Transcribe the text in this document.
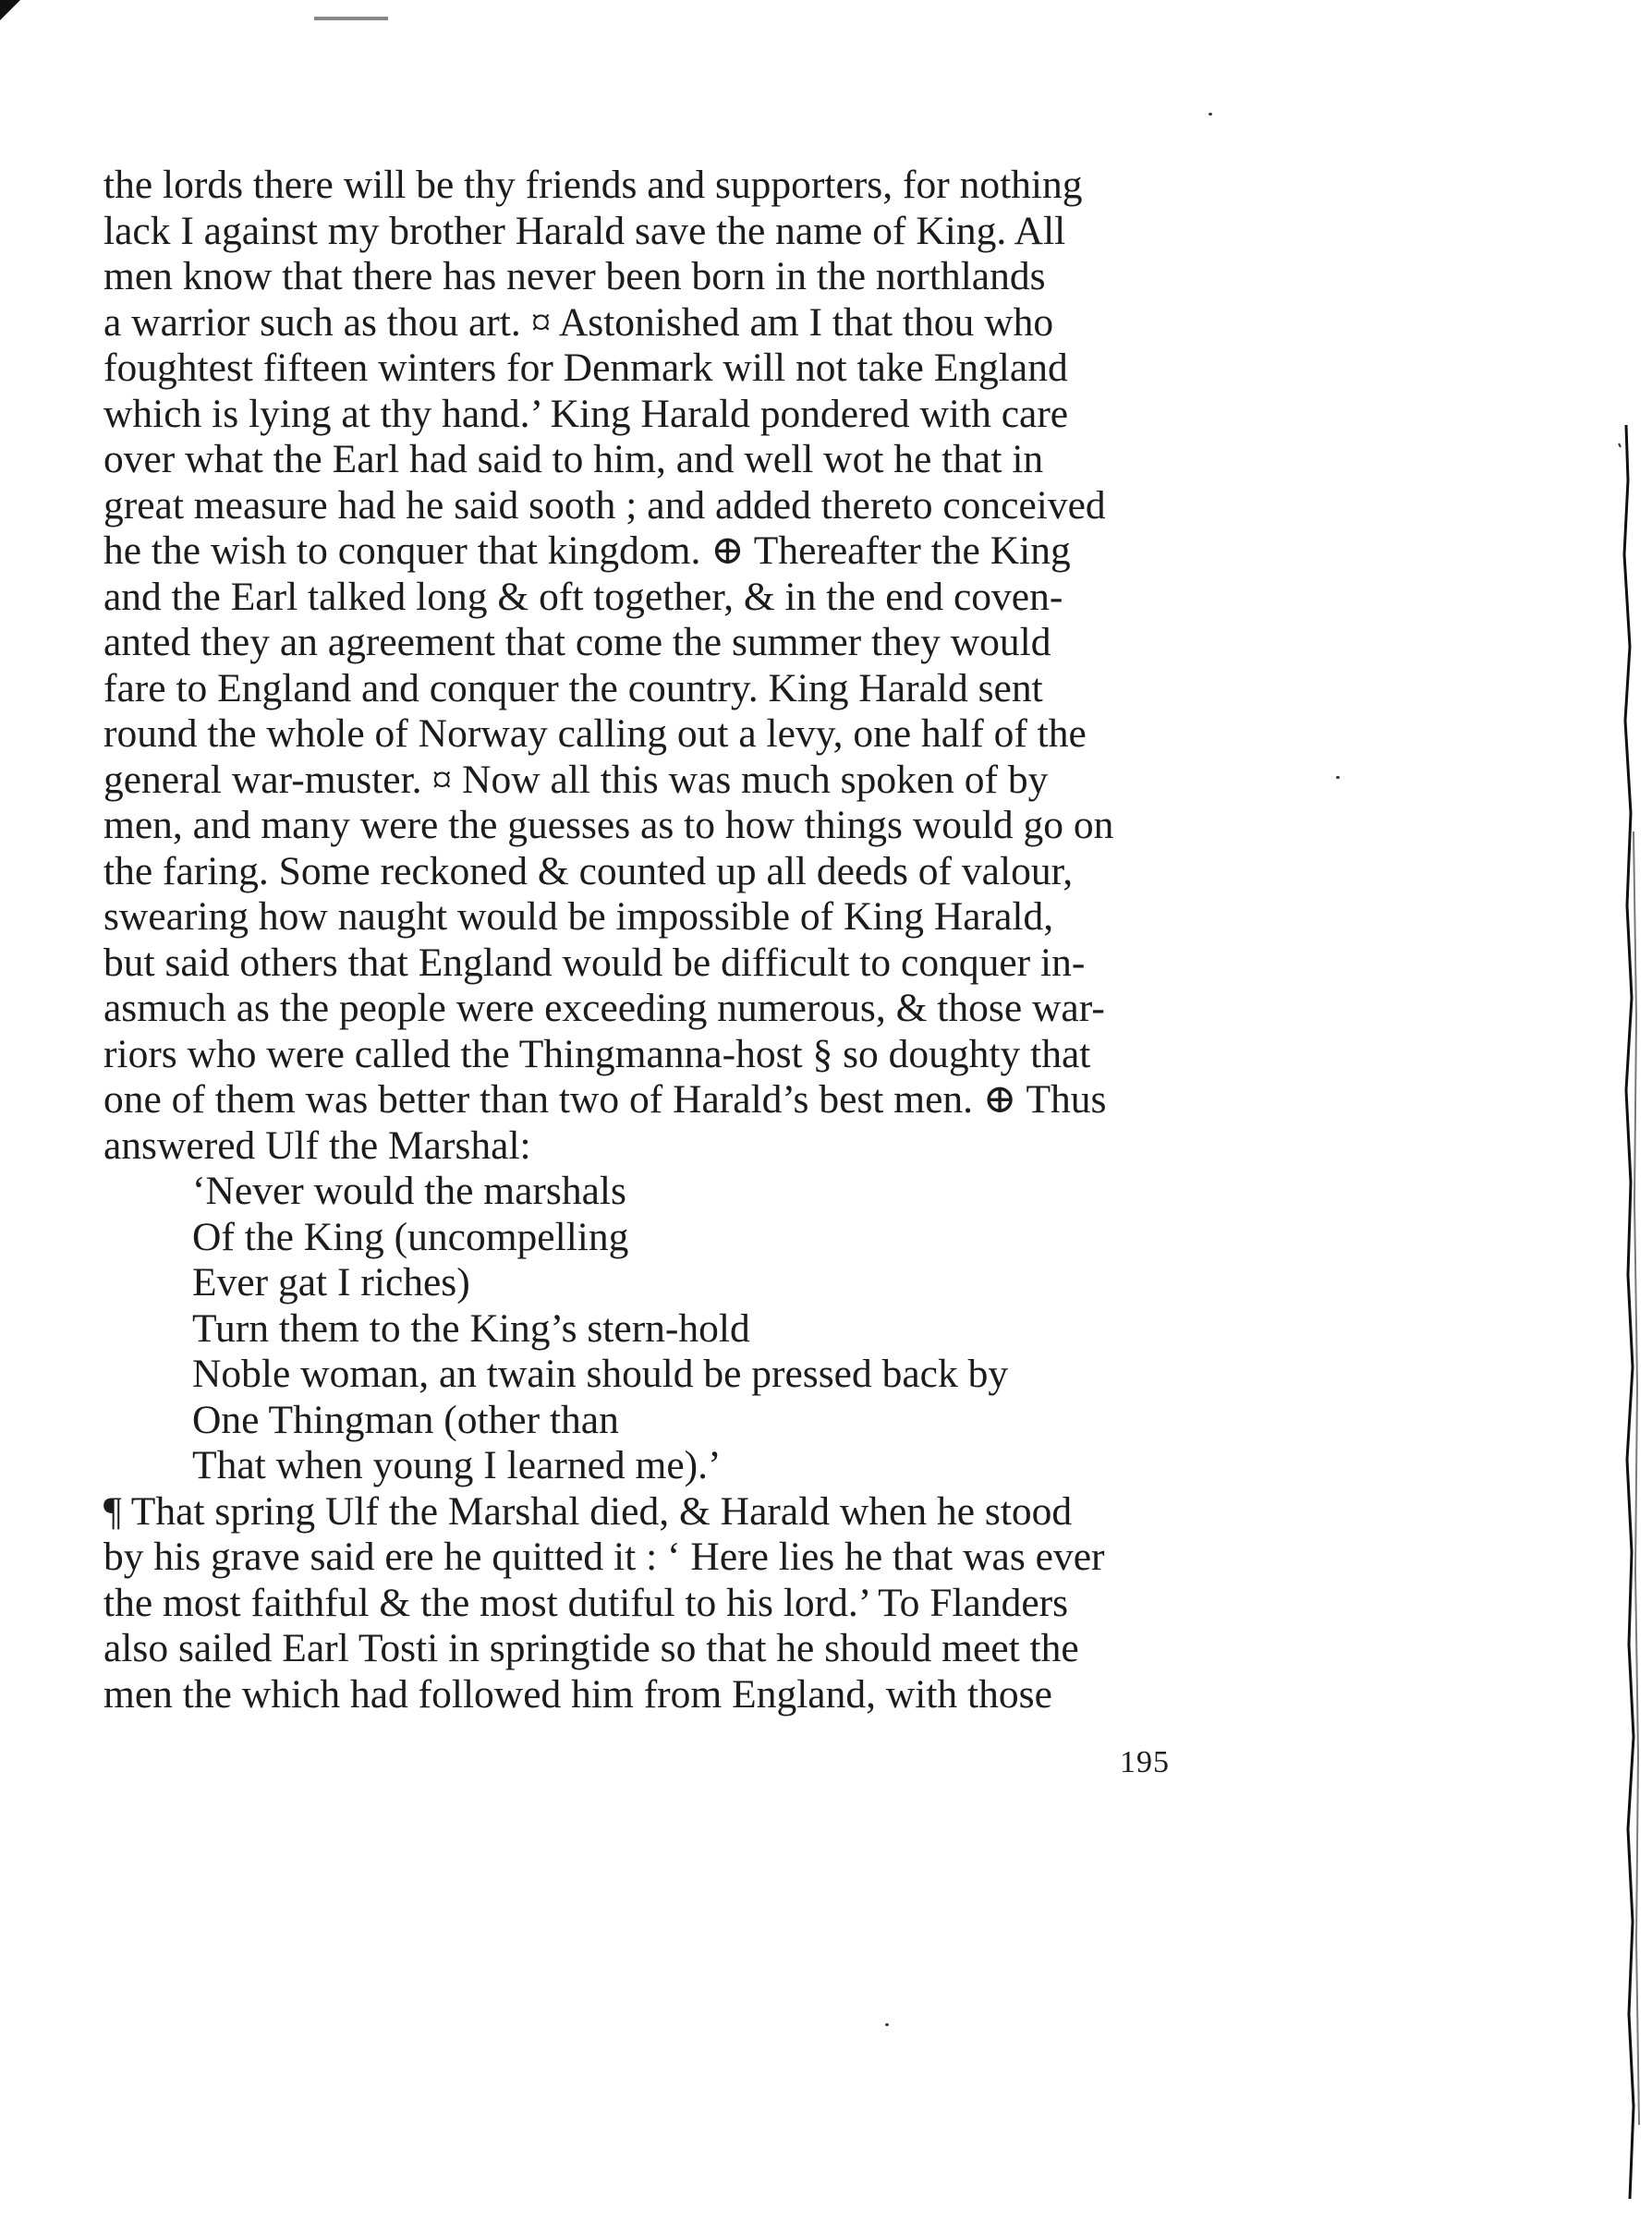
the lords there will be thy friends and supporters, for nothing
lack I against my brother Harald save the name of King. All
men know that there has never been born in the northlands
a warrior such as thou art. ¤ Astonished am I that thou who
foughtest fifteen winters for Denmark will not take England
which is lying at thy hand.’ King Harald pondered with care
over what the Earl had said to him, and well wot he that in
great measure had he said sooth ; and added thereto conceived
he the wish to conquer that kingdom. ⊕ Thereafter the King
and the Earl talked long & oft together, & in the end coven-
anted they an agreement that come the summer they would
fare to England and conquer the country. King Harald sent
round the whole of Norway calling out a levy, one half of the
general war-muster. ¤ Now all this was much spoken of by
men, and many were the guesses as to how things would go on
the faring. Some reckoned & counted up all deeds of valour,
swearing how naught would be impossible of King Harald,
but said others that England would be difficult to conquer in-
asmuch as the people were exceeding numerous, & those war-
riors who were called the Thingmanna-host § so doughty that
one of them was better than two of Harald’s best men. ⊕ Thus
answered Ulf the Marshal:
‘Never would the marshals
Of the King (uncompelling
Ever gat I riches)
Turn them to the King’s stern-hold
Noble woman, an twain should be pressed back by
One Thingman (other than
That when young I learned me).’
¶ That spring Ulf the Marshal died, & Harald when he stood
by his grave said ere he quitted it : ‘ Here lies he that was ever
the most faithful & the most dutiful to his lord.’ To Flanders
also sailed Earl Tosti in springtide so that he should meet the
men the which had followed him from England, with those
195
